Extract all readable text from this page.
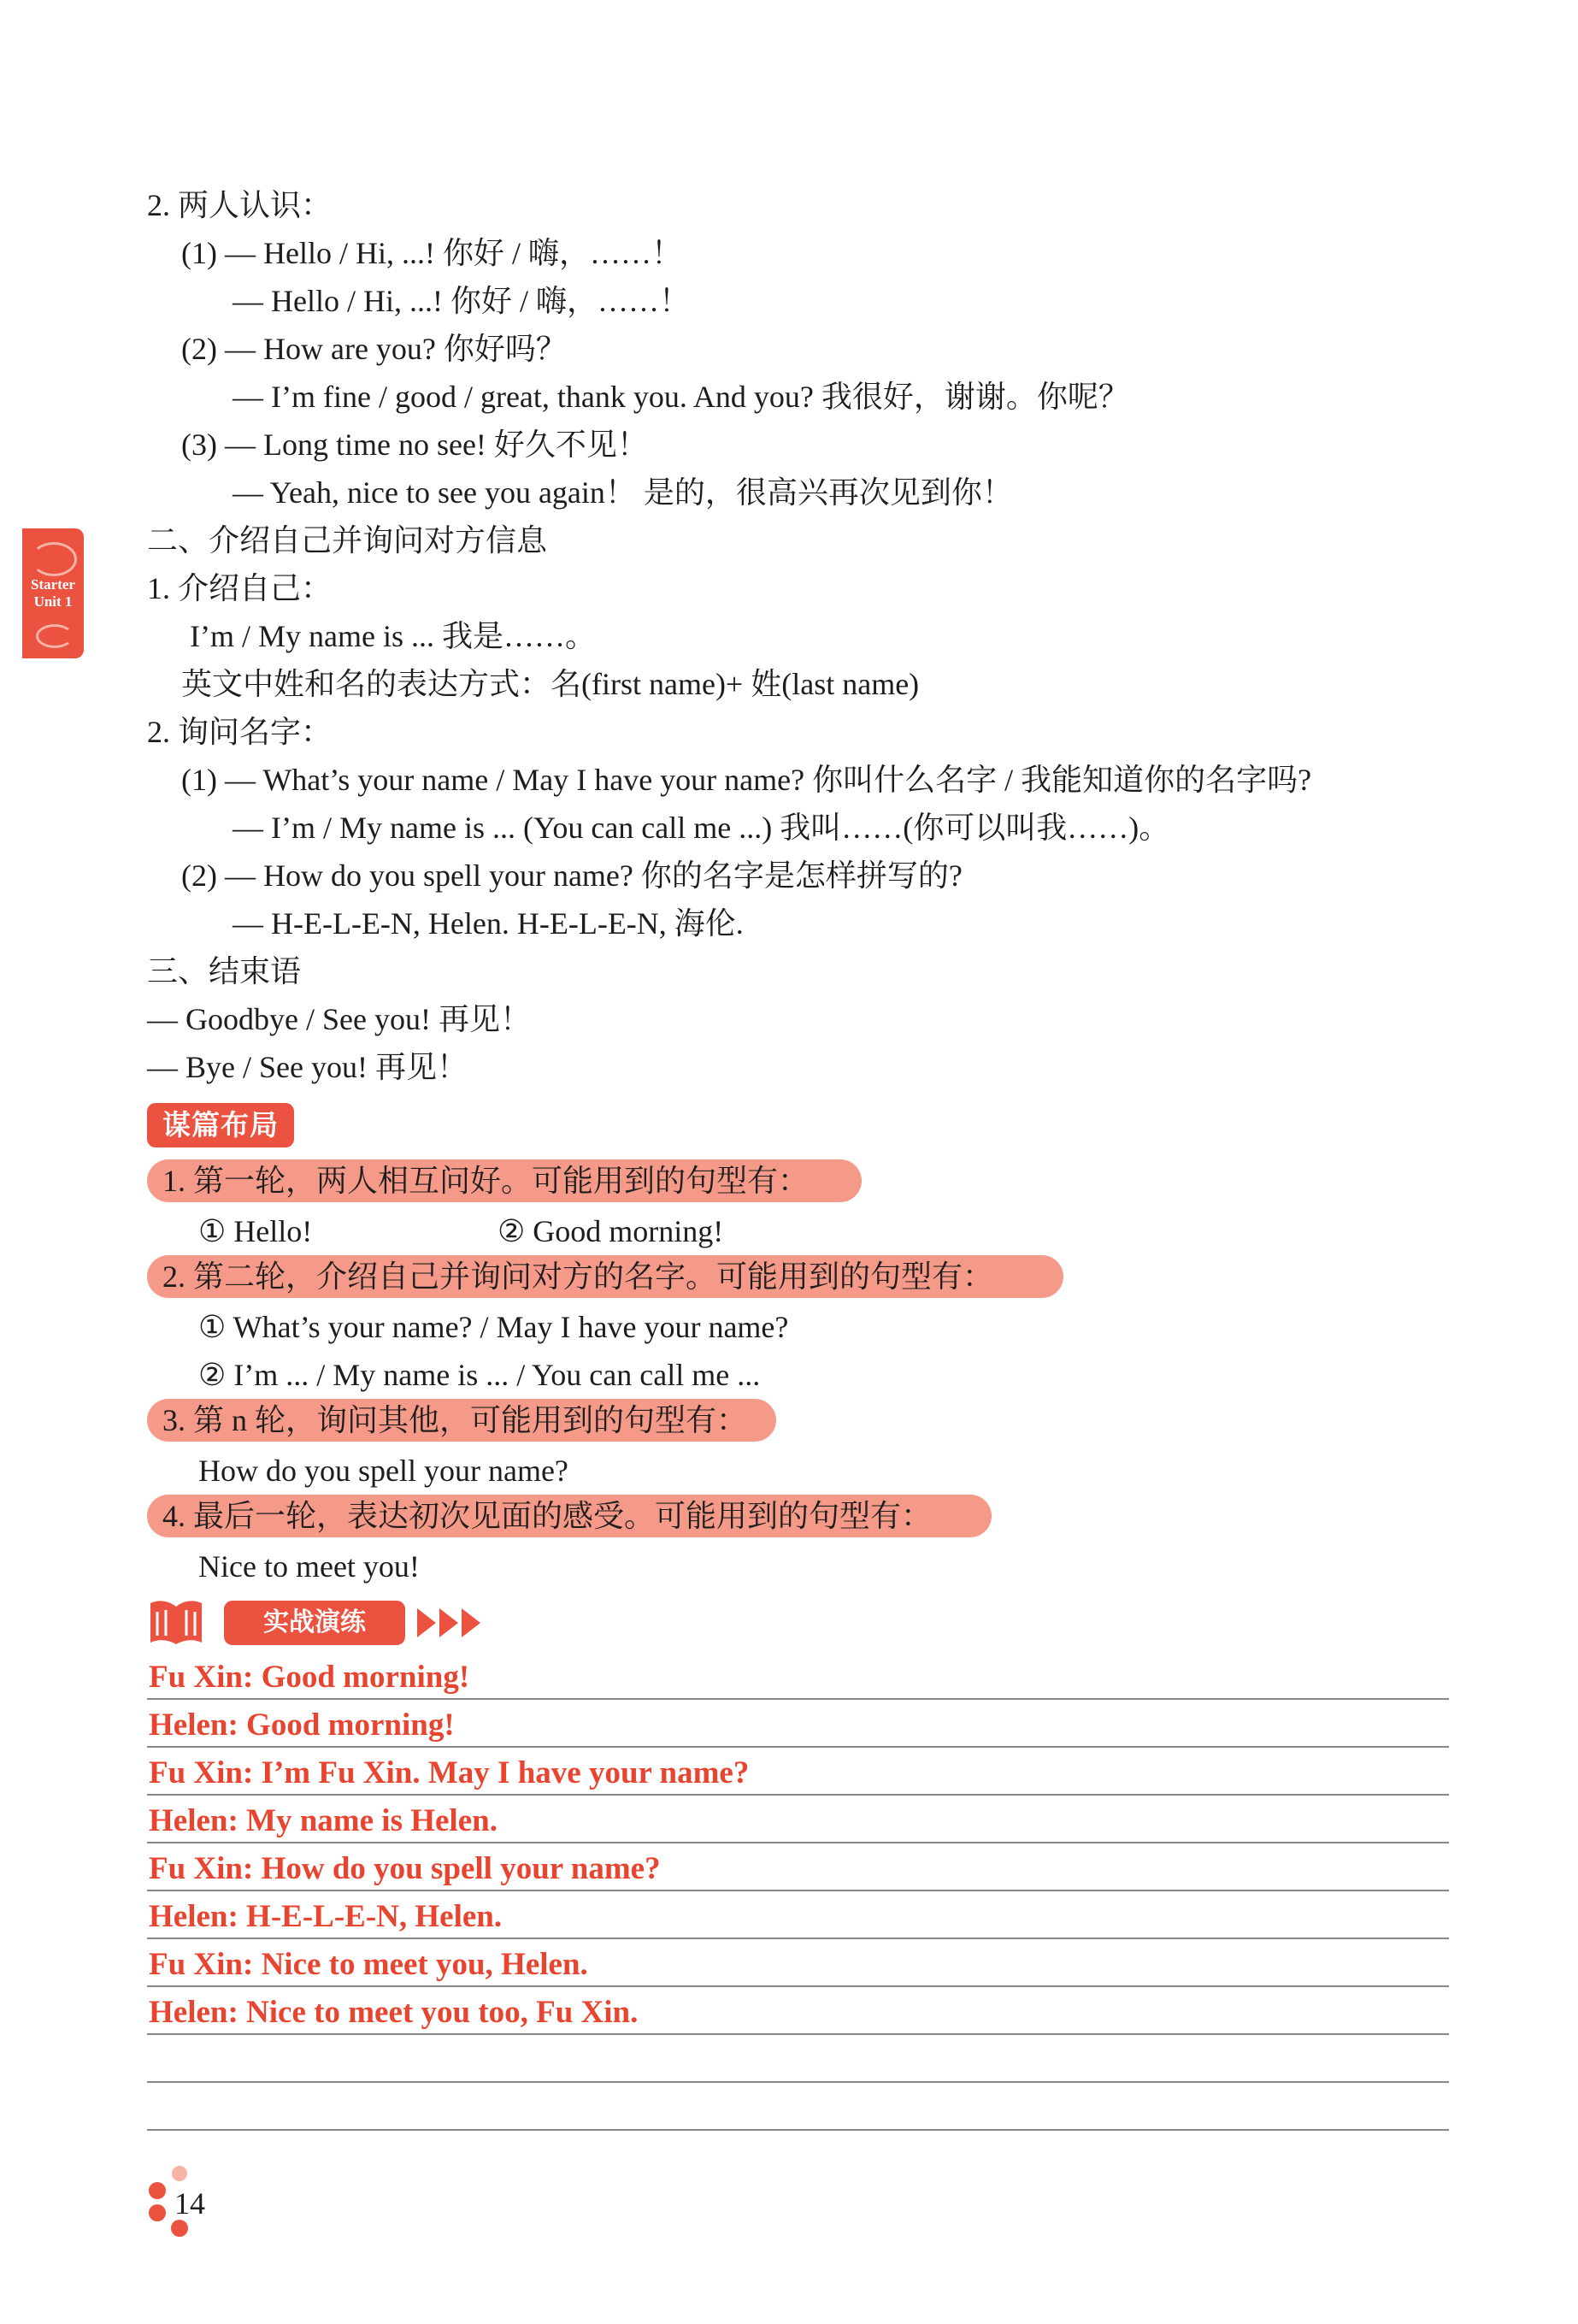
Starter
Unit 1
2. 两人认识：
(1) — Hello / Hi, ...! 你好 / 嗨，……！
— Hello / Hi, ...! 你好 / 嗨，……！
(2) — How are you? 你好吗？
— I’m fine / good / great, thank you. And you? 我很好，谢谢。你呢？
(3) — Long time no see! 好久不见！
— Yeah, nice to see you again！ 是的，很高兴再次见到你！
二、介绍自己并询问对方信息
1. 介绍自己：
I’m / My name is ... 我是……。
英文中姓和名的表达方式：名(first name)+ 姓(last name)
2. 询问名字：
(1) — What’s your name / May I have your name? 你叫什么名字 / 我能知道你的名字吗?
— I’m / My name is ... (You can call me ...) 我叫……(你可以叫我……)。
(2) — How do you spell your name? 你的名字是怎样拼写的?
— H-E-L-E-N, Helen. H-E-L-E-N, 海伦.
三、结束语
— Goodbye / See you! 再见！
— Bye / See you! 再见！
谋篇布局
1. 第一轮，两人相互问好。可能用到的句型有：
① Hello!	② Good morning!
2. 第二轮，介绍自己并询问对方的名字。可能用到的句型有：
① What’s your name? / May I have your name?
② I’m ... / My name is ... / You can call me ...
3. 第 n 轮，询问其他，可能用到的句型有：
How do you spell your name?
4. 最后一轮，表达初次见面的感受。可能用到的句型有：
Nice to meet you!
实战演练
Fu Xin: Good morning!
Helen: Good morning!
Fu Xin: I’m Fu Xin. May I have your name?
Helen: My name is Helen.
Fu Xin: How do you spell your name?
Helen: H-E-L-E-N, Helen.
Fu Xin: Nice to meet you, Helen.
Helen: Nice to meet you too, Fu Xin.
14
